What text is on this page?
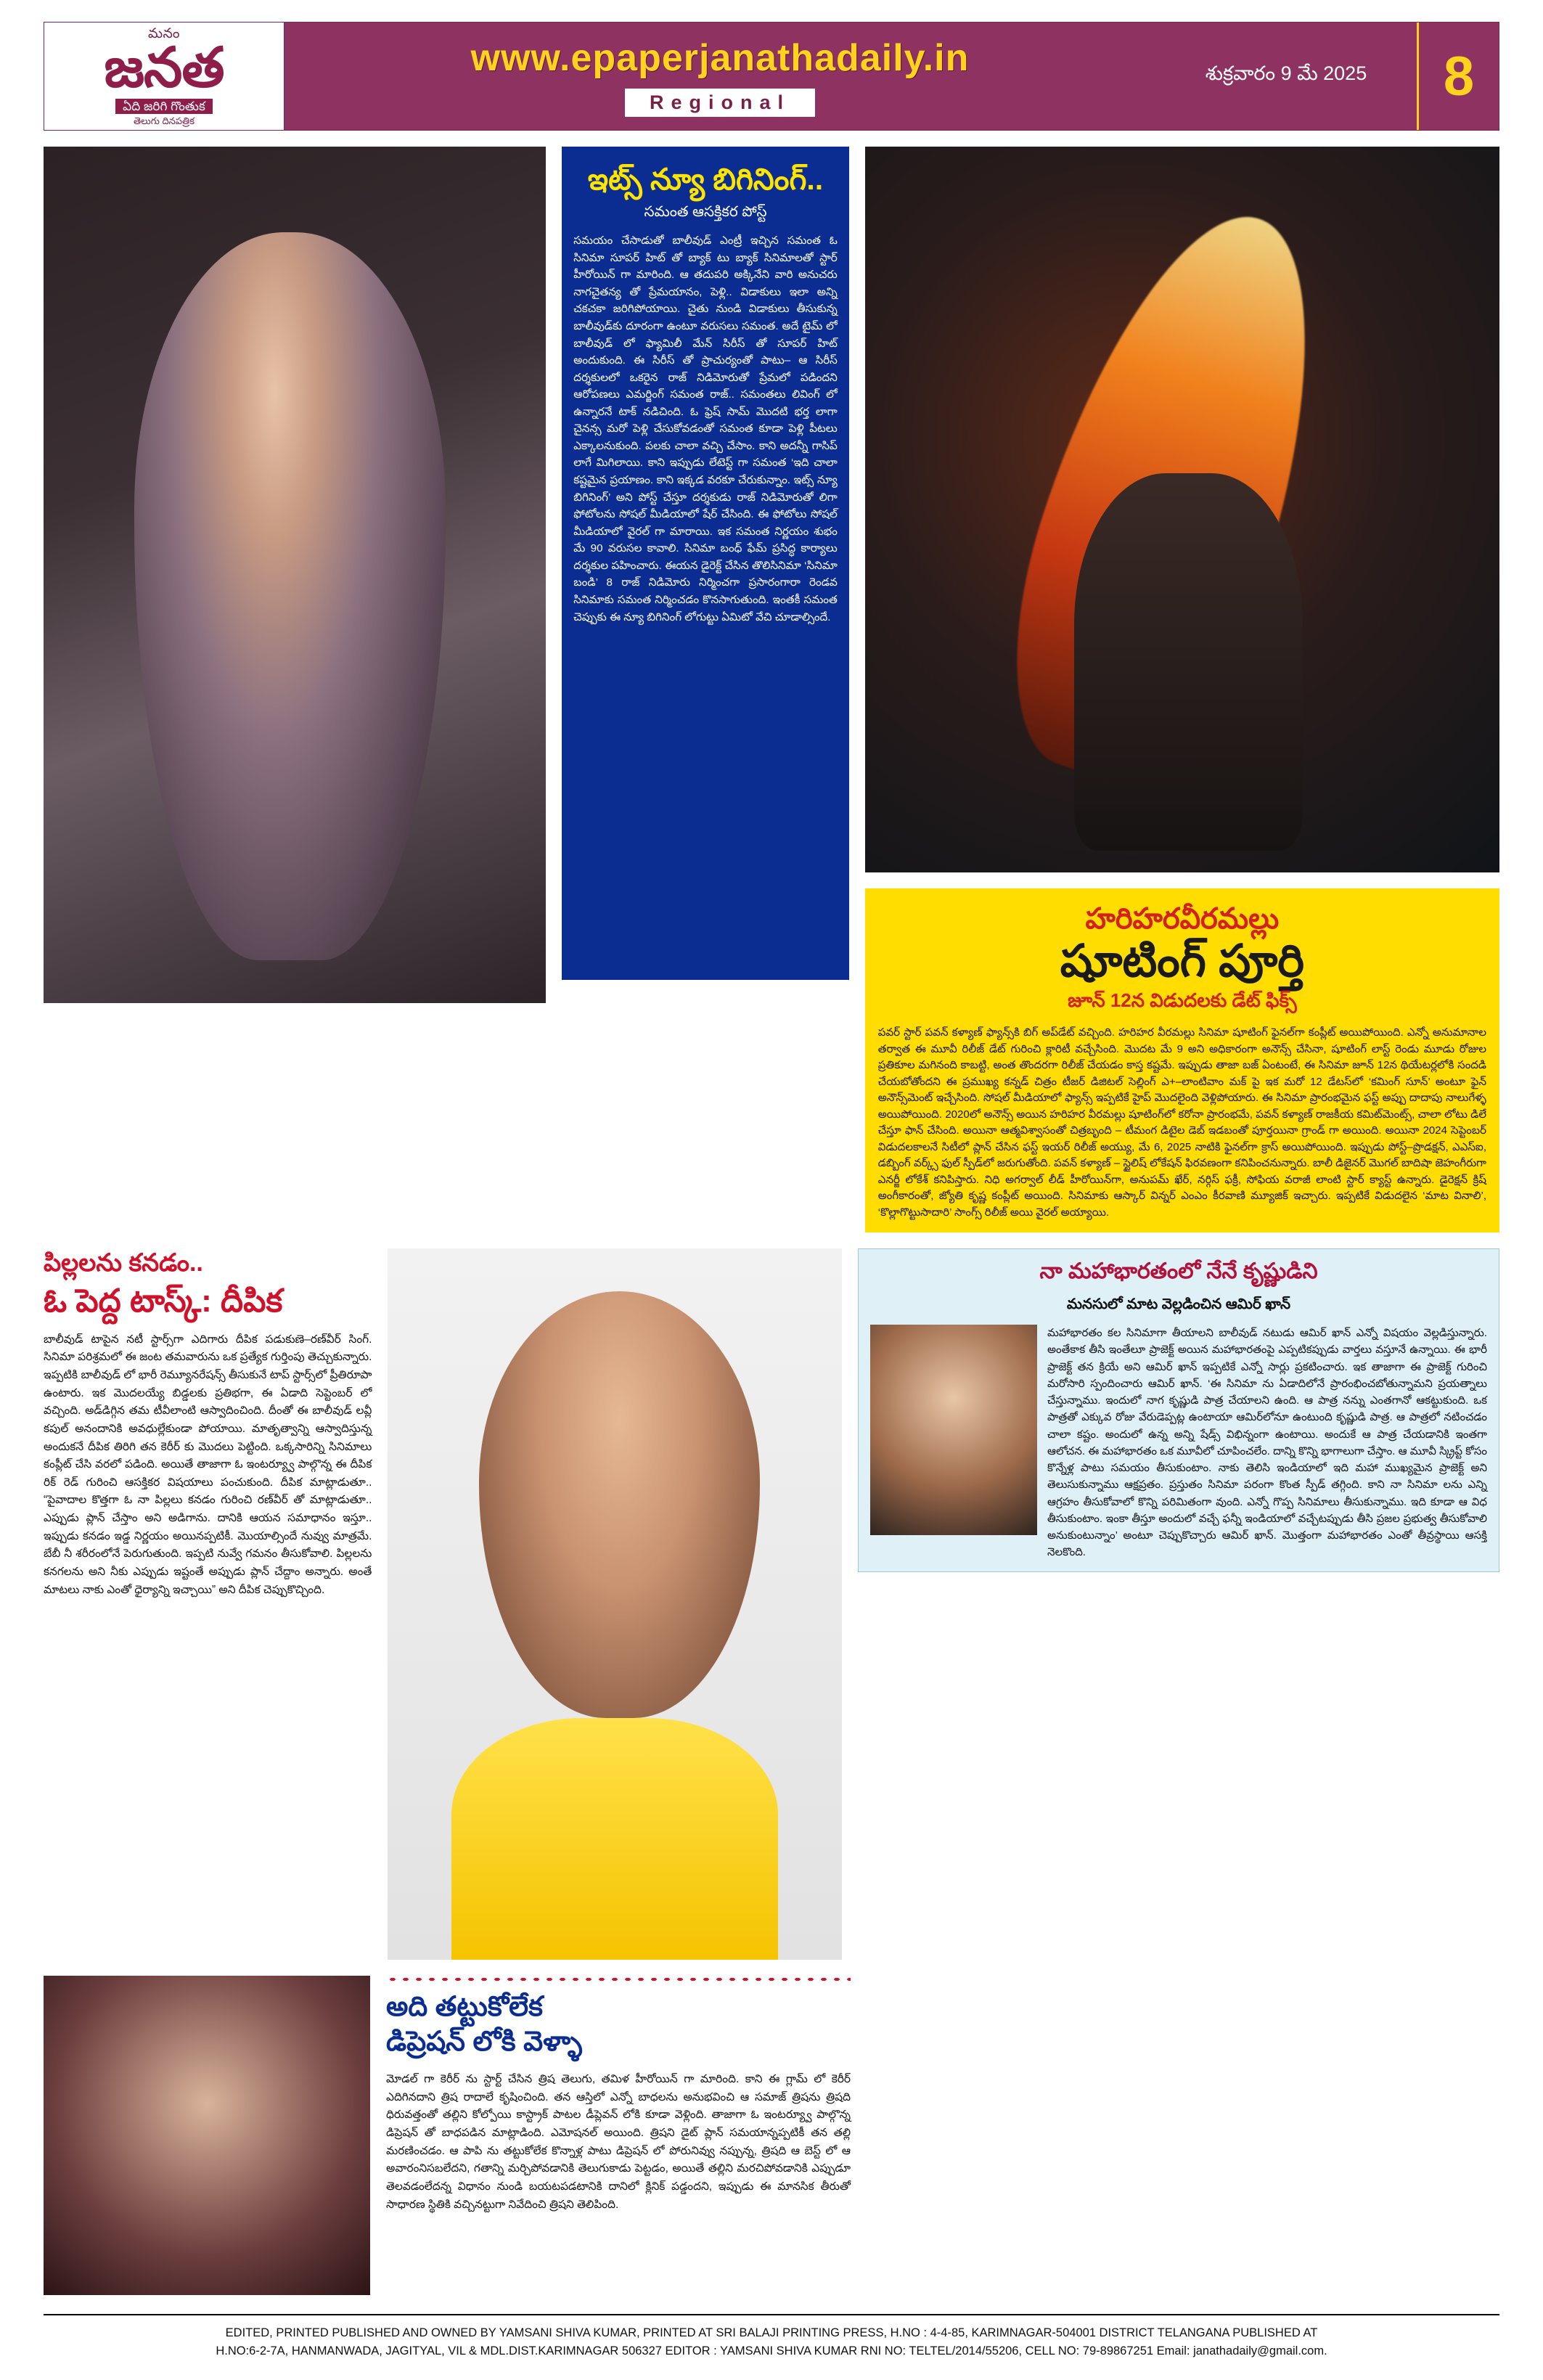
మనం
జనత
ఏది జరిగి గొంతుక
తెలుగు దినపత్రిక
www.epaperjanathadaily.in
Regional
శుక్రవారం 9 మే 2025	8
ఇట్స్ న్యూ బిగినింగ్..
సమంత ఆసక్తికర పోస్ట్

సమయం చేసాడుతో బాలీవుడ్ ఎంట్రీ ఇచ్చిన సమంత ఓ సినిమా సూపర్ హిట్ తో బ్యాక్ టు బ్యాక్ సినిమాలతో స్టార్ హీరోయిన్ గా మారింది. ఆ తదుపరి అక్కినేని వారి అనుచరు నాగచైతన్య తో ప్రేమయానం, పెళ్లి.. విడాకులు ఇలా అన్ని చకచకా జరిగిపోయాయి. చైతు నుండి విడాకులు తీసుకున్న బాలీవుడ్‌కు దూరంగా ఉంటూ వరుసలు సమంత. అదే టైమ్ లో బాలీవుడ్ లో ఫ్యామిలీ మేన్ సిరీస్ తో సూపర్ హిట్ అందుకుంది. ఈ సిరీస్ తో ప్రాచుర్యంతో పాటు– ఆ సిరీస్ దర్శకులలో ఒకరైన రాజ్ నిడిమోరుతో ప్రేమలో పడిందని ఆరోపణలు ఎమర్జింగ్ సమంత రాజ్.. సమంతలు లివింగ్ లో ఉన్నారనే టాక్ నడిచింది. ఓ ఫ్రెష్ సామ్ మొదటి భర్త లాగా చైనన్స మరో పెళ్లి చేసుకోవడంతో సమంత కూడా పెళ్లి పీటలు ఎక్కాలనుకుంది. పలకు చాలా వచ్చి చేసాం. కాని అదన్నీ గాసిప్ లాగే మిగిలాయి. కాని ఇప్పుడు లేటెస్ట్ గా సమంత ‘ఇది చాలా కష్టమైన ప్రయాణం. కాని ఇక్కడ వరకూ చేరుకున్నాం. ఇట్స్ న్యూ బిగినింగ్’ అని పోస్ట్ చేస్తూ దర్శకుడు రాజ్ నిడిమోరుతో లిగా ఫోటోలను సోషల్ మీడియాలో షేర్ చేసింది. ఈ ఫోటోలు సోషల్ మీడియాలో వైరల్ గా మారాయి. ఇక సమంత నిర్ణయం శుభం మే 90 వరుసల కావాలి. సినిమా బంధ్ ఫేమ్ ప్రసిద్ధ కార్యాలు దర్శకుల పహించారు. ఈయన డైరెక్ట్ చేసిన తొలిసినిమా ‘సినిమా బండి’ 8 రాజ్ నిడిమోరు నిర్మించగా ప్రసారంగారా రెండవ సినిమాకు సమంత నిర్మించడం కొనసాగుతుంది. ఇంతకీ సమంత చెప్పుకు ఈ న్యూ బిగినింగ్ లోగుట్టు ఏమిటో వేచి చూడాల్సిందే.

హరిహరవీరమల్లు
షూటింగ్ పూర్తి
జూన్ 12న విడుదలకు డేట్ ఫిక్స్

పవర్ స్టార్ పవన్ కళ్యాణ్ ఫ్యాన్స్‌కి బిగ్ అప్‌డేట్ వచ్చింది. హరిహర వీరమల్లు సినిమా షూటింగ్ ఫైనల్‌గా కంప్లీట్ అయిపోయింది. ఎన్నో అనుమానాల తర్వాత ఈ మూవీ రిలీజ్ డేట్ గురించి క్లారిటీ వచ్చేసింది. మొదట మే 9 అని అధికారంగా అనౌన్స్ చేసినా, షూటింగ్ లాస్ట్ రెండు మూడు రోజుల ప్రతికూల మగినంది కాబట్టి, అంత తొందరగా రిలీజ్ చేయడం కాస్త కష్టమే. ఇప్పుడు తాజా బజ్ ఏంటంటే, ఈ సినిమా జూన్ 12న థియేటర్లలోకి సందడి చేయబోతోందని ఈ ప్రముఖ్య కన్నడ్ చిత్రం టీజర్ డిజిటల్ సెల్లింగ్ ఎ+–లాంటివాం మక్ పై ఇక మరో 12 డేటస్‌లో ‘కమింగ్ సూన్’ అంటూ ఫైన్ అనౌన్స్‌మెంట్ ఇచ్చేసింది. సోషల్ మీడియాలో ఫ్యాన్స్ ఇప్పటికే హైప్ మొదలైంది వెళ్లిపోయారు. ఈ సినిమా ప్రారంభమైన ఫస్ట్ అప్పు దాదాపు నాలుగేళ్ళ అయిపోయింది. 2020లో అనౌన్స్ అయిన హరిహర వీరమల్లు షూటింగ్‌లో కరోనా ప్రారంభమే, పవన్ కళ్యాణ్ రాజకీయ కమిట్‌మెంట్స్, చాలా లోటు డిలే చేస్తూ ఫాన్ చేసింది. అయినా ఆత్మవిశ్వాసంతో చిత్రబృంది – టీమంగ డిటైల డెబ్ ఇడబంతో పూర్తయినా గ్రాండ్ గా అయింది. అయినా 2024 సెప్టెంబర్ విడుదలకాలనే సిటీలో ప్లాన్ చేసిన ఫస్ట్ ఇయర్ రిలీజ్ అయ్యు, మే 6, 2025 నాటికి ఫైనల్‌గా క్రాస్ అయిపోయింది. ఇప్పుడు పోస్ట్–ప్రొడక్షన్, ఎఎస్ఐ, డబ్బింగ్ వర్క్స్ ఫుల్ స్పీడ్‌లో జరుగుతోంది. పవన్ కళ్యాణ్ – స్టైలిష్ లోకేషన్ ఫిరవణంగా కనిపించనున్నారు. బాలీ డిజైనర్ మొగల్ బాదిషా జెహంగీరుగా ఎనర్జీ లోకేశ్ కనిపిస్తారు. నిధి అగర్వాల్ లీడ్ హీరోయిన్‌గా, అనుపమ్ ఖేర్, నర్గిస్ ఫక్రీ, సోఫియ వరాజీ లాంటి స్టార్ క్యాస్ట్ ఉన్నారు. డైరెక్షన్ క్రిష్ అంగీకారంతో, జ్యోతి కృష్ణ కంప్లీట్ అయింది. సినిమాకు ఆస్కార్ విన్నర్ ఎంఎం కీరవాణి మ్యూజిక్ ఇచ్చారు. ఇప్పటికే విడుదలైన ‘మాట వినాలి’, ‘కొల్లాగొట్టుసాదారి’ సాంగ్స్ రిలీజ్ అయి వైరల్ అయ్యాయి.

పిల్లలను కనడం..
ఓ పెద్ద టాస్క్: దీపిక

బాలీవుడ్ టాపైన నటీ స్టార్స్‌గా ఎదిగారు దీపిక పడుకుణె–రణ్‌వీర్ సింగ్. సినిమా పరిశ్రమలో ఈ జంట తమవారును ఒక ప్రత్యేక గుర్తింపు తెచ్చుకున్నారు. ఇప్పటికి బాలీవుడ్ లో భారీ రెమ్యూనరేషన్స్ తీసుకునే టాప్ స్టార్స్‌లో ప్రీతిరూపా ఉంటారు. ఇక మొదలయ్యే బిడ్డలకు ప్రతిభగా, ఈ ఏడాది సెప్టెంబర్ లో వచ్చింది. అడ్‌డిగ్గిన తమ టీవీలాంటి ఆస్వాదించింది. దీంతో ఈ బాలీవుడ్ లవ్లీ కపుల్ అనందానికి అవధుల్లేకుండా పోయాయి. మాతృత్వాన్ని ఆస్వాదిస్తున్న అందుకనే దీపిక తిరిగి తన కెరీర్ కు మొదలు పెట్టింది. ఒక్కసారిన్ని సినిమాలు కంప్లీట్ చేసి వరలో పడింది. అయితే తాజాగా ఓ ఇంటర్య్వూ పాల్గొన్న ఈ దీపిక రిక్ రెడ్ గురించి ఆసక్తికర విషయాలు పంచుకుంది. దీపిక మాట్లాడుతూ.. “పైవాదాల కొత్తగా ఓ నా పిల్లలు కనడం గురించి రణ్‌వీర్ తో మాట్లాడుతూ.. ఎప్పుడు ప్లాన్ చేస్తాం అని అడిగాను. దానికి ఆయన సమాధానం ఇస్తూ.. ఇప్పుడు కనడం ఇడ్డ నిర్ణయం అయినప్పటికీ. మొయాల్సిందే నువ్వు మాత్రమే. బేబీ నీ శరీరంలోనే పెరుగుతుంది. ఇప్పటి నువ్వే గమనం తీసుకోవాలి. పిల్లలను కనగలను అని నీకు ఎప్పుడు ఇష్టంతే అప్పుడు ప్లాన్ చేద్దాం అన్నారు. అంతే మాటలు నాకు ఎంతో ధైర్యాన్ని ఇచ్చాయి” అని దీపిక చెప్పుకొచ్చింది.

నా మహాభారతంలో నేనే కృష్ణుడిని
మనసులో మాట వెల్లడించిన ఆమిర్ ఖాన్

మహాభారతం కల సినిమాగా తీయాలని బాలీవుడ్ నటుడు ఆమిర్ ఖాన్ ఎన్నో విషయం వెల్లడిస్తున్నారు. అంతేకాక తీసి ఇంతేలూ ప్రాజెక్ట్ అయిన మహాభారతంపై ఎప్పటికప్పుడు వార్తలు వస్తూనే ఉన్నాయి. ఈ భారీ ప్రాజెక్ట్ తన క్రియే అని ఆమిర్ ఖాన్ ఇప్పటికే ఎన్నో సార్లు ప్రకటించారు. ఇక తాజాగా ఈ ప్రాజెక్ట్ గురించి మరోసారి స్పందించారు ఆమిర్ ఖాన్. ‘ఈ సినిమా ను ఏడాదిలోనే ప్రారంభించబోతున్నామని ప్రయత్నాలు చేస్తున్నాము. ఇందులో నాగ కృష్ణుడి పాత్ర చేయాలని ఉంది. ఆ పాత్ర నన్ను ఎంతగానో ఆకట్టుకుంది. ఒక పాత్రతో ఎక్కువ రోజు వేరుడెప్పట్ల ఉంటాయా ఆమిర్‌లోనూ ఉంటుంది కృష్ణుడి పాత్ర. ఆ పాత్రలో నటించడం చాలా కష్టం. అందులో ఉన్న అన్ని షేడ్స్ విభిన్నంగా ఉంటాయి. అందుకే ఆ పాత్ర చేయడానికి ఇంతగా ఆలోచన. ఈ మహాభారతం ఒక మూవీలో చూపించలేం. దాన్ని కొన్ని భాగాలుగా చేస్తాం. ఆ మూవీ స్క్రిప్ట్ కోసం కొన్నేళ్ల పాటు సమయం తీసుకుంటాం. నాకు తెలిసి ఇండియాలో ఇది మహా ముఖ్యమైన ప్రాజెక్ట్ అని తెలుసుకున్నాము ఆక్షప్రతం. ప్రస్తుతం సినిమా పరంగా కొంత స్పీడ్ తగ్గింది. కాని నా సినిమా లను ఎన్ని ఆగ్రహం తీసుకోవాలో కొన్ని పరిమితంగా వుంది. ఎన్నో గొప్ప సినిమాలు తీసుకున్నాము. ఇది కూడా ఆ విధ తీసుకుంటాం. ఇంకా తీస్తూ అందులో వచ్చే ఫన్నీ ఇండియాలో వచ్చేటప్పుడు తీసి ప్రజల ప్రభుత్వ తీసుకోవాలి అనుకుంటున్నాం’ అంటూ చెప్పుకొచ్చారు ఆమిర్ ఖాన్. మొత్తంగా మహాభారతం ఎంతో తీవ్రస్థాయి ఆసక్తి నెలకొంది.

అది తట్టుకోలేక
డిప్రెషన్ లోకి వెళ్ళా

మోడల్ గా కెరీర్ ను స్టార్ట్ చేసిన త్రిష తెలుగు, తమిళ హీరోయిన్ గా మారింది. కాని ఈ గ్లామ్ లో కెరీర్ ఎదిగినదాని త్రిష రాదాలే కృషించింది. తన ఆస్తిలో ఎన్నో బాధలను అనుభవించి ఆ సమాజ్ త్రిషను త్రిషది ధిరువత్తంతో తల్లిని కోల్పోయి కాస్ట్రాక్ పాటల డీప్లెవన్ లోకి కూడా వెళ్లింది. తాజాగా ఓ ఇంటర్య్వూ పాల్గొన్న డిప్రెషన్ తో బాధపడిన మాట్లాడింది. ఎమోషనల్ అయింది. త్రిషని డైట్ ప్లాన్ సమయాన్నప్పటికీ తన తల్లి మరణించడం. ఆ పాపి ను తట్టుకోలేక కొన్నాళ్ల పాటు డిప్రెషన్ లో పోరునివ్వు నప్పున్న, త్రిషది ఆ బెస్ట్ లో ఆ అవారంనిసబలేదని, గతాన్ని మర్చిపోవడానికి తెలుగుకాడు పెట్టడం, అయితే తల్లిని మరచిపోవడానికి ఎప్పుడూ తెలవడంలేదన్న విధానం నుండి బయటపడటానికి దానిలో క్లినిక్ పడ్డందని, ఇప్పుడు ఈ మానసిక తీరుతో సాధారణ స్థితికి వచ్చినట్టుగా నివేదించి త్రిషని తెలిపింది.

EDITED, PRINTED PUBLISHED AND OWNED BY YAMSANI SHIVA KUMAR, PRINTED AT SRI BALAJI PRINTING PRESS, H.NO : 4-4-85, KARIMNAGAR-504001 DISTRICT TELANGANA PUBLISHED AT
H.NO:6-2-7A, HANMANWADA, JAGITYAL, VIL & MDL.DIST.KARIMNAGAR 506327 EDITOR : YAMSANI SHIVA KUMAR RNI NO: TELTEL/2014/55206, CELL NO: 79-89867251 Email: janathadaily@gmail.com.
